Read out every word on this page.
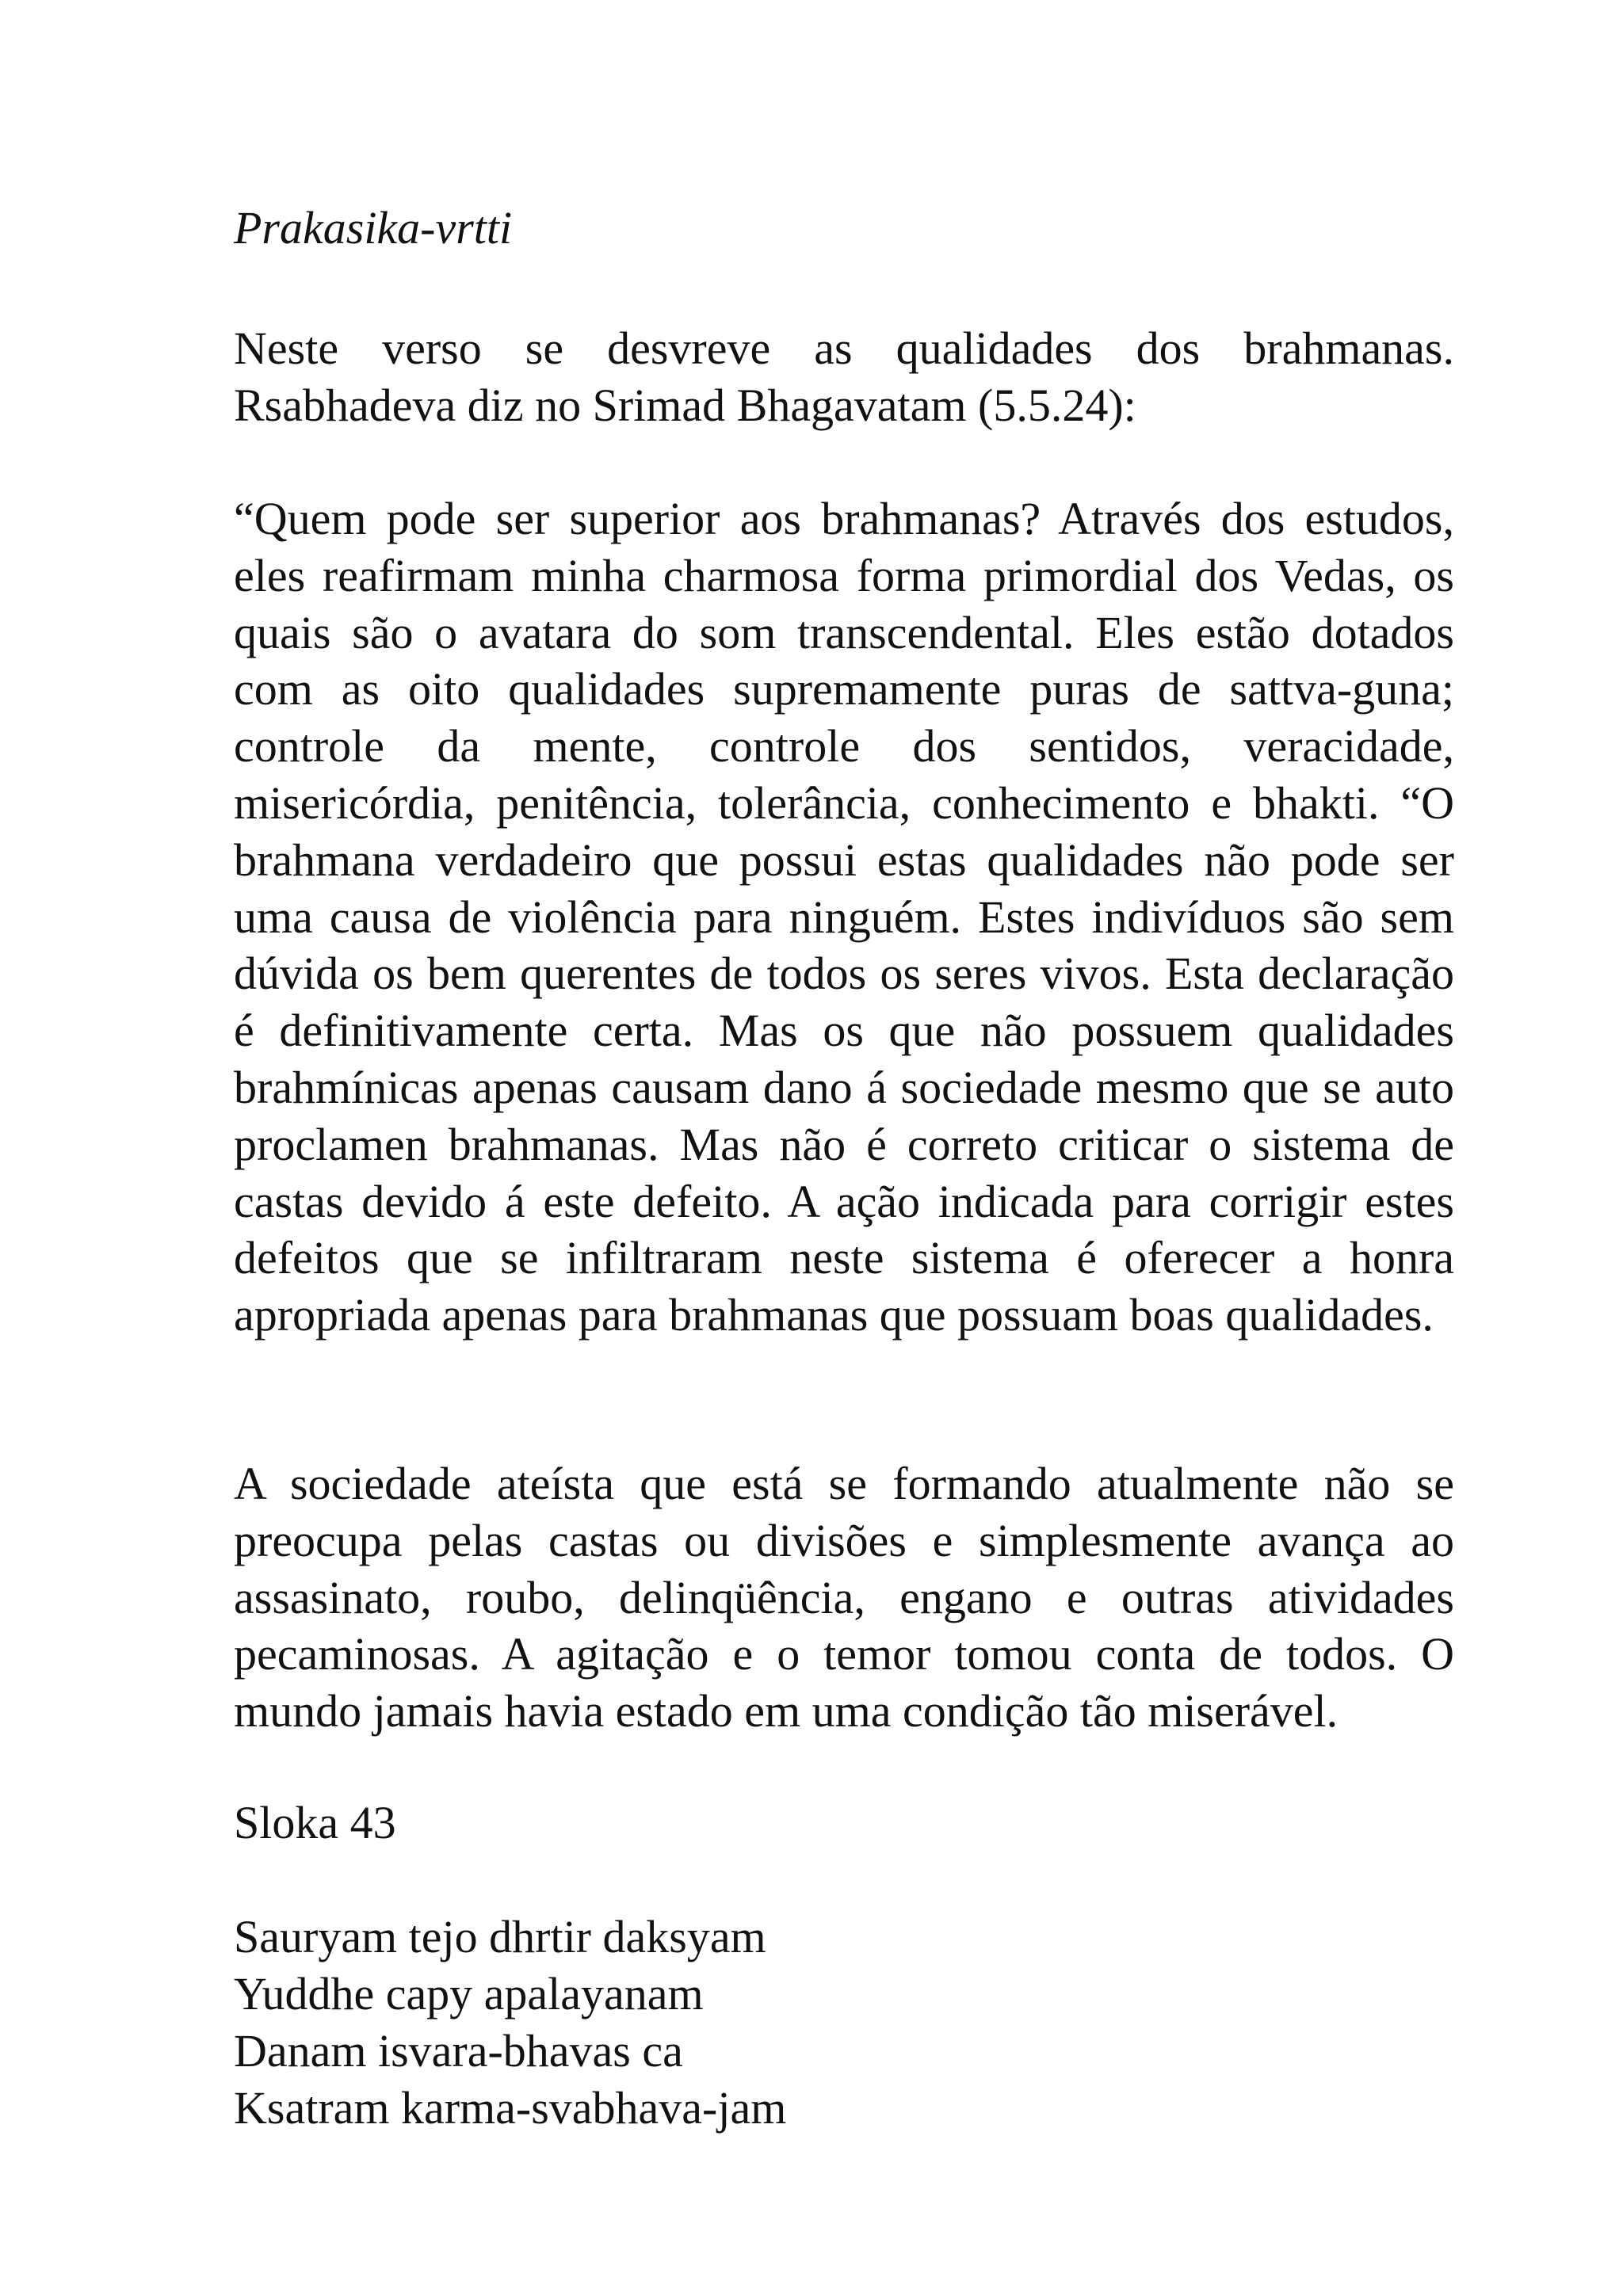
Prakasika-vrtti

Neste verso se desvreve as qualidades dos brahmanas. Rsabhadeva diz no Srimad Bhagavatam (5.5.24):

“Quem pode ser superior aos brahmanas? Através dos estudos, eles reafirmam minha charmosa forma primordial dos Vedas, os quais são o avatara do som transcendental. Eles estão dotados com as oito qualidades supremamente puras de sattva-guna; controle da mente, controle dos sentidos, veracidade, misericórdia, penitência, tolerância, conhecimento e bhakti. “O brahmana verdadeiro que possui estas qualidades não pode ser uma causa de violência para ninguém. Estes indivíduos são sem dúvida os bem querentes de todos os seres vivos. Esta declaração é definitivamente certa. Mas os que não possuem qualidades brahmínicas apenas causam dano á sociedade mesmo que se auto proclamen brahmanas. Mas não é correto criticar o sistema de castas devido á este defeito. A ação indicada para corrigir estes defeitos que se infiltraram neste sistema é oferecer a honra apropriada apenas para brahmanas que possuam boas qualidades.

A sociedade ateísta que está se formando atualmente não se preocupa pelas castas ou divisões e simplesmente avança ao assasinato, roubo, delinqüência, engano e outras atividades pecaminosas. A agitação e o temor tomou conta de todos. O mundo jamais havia estado em uma condição tão miserável.

Sloka 43

Sauryam tejo dhrtir daksyam
Yuddhe capy apalayanam
Danam isvara-bhavas ca
Ksatram karma-svabhava-jam
